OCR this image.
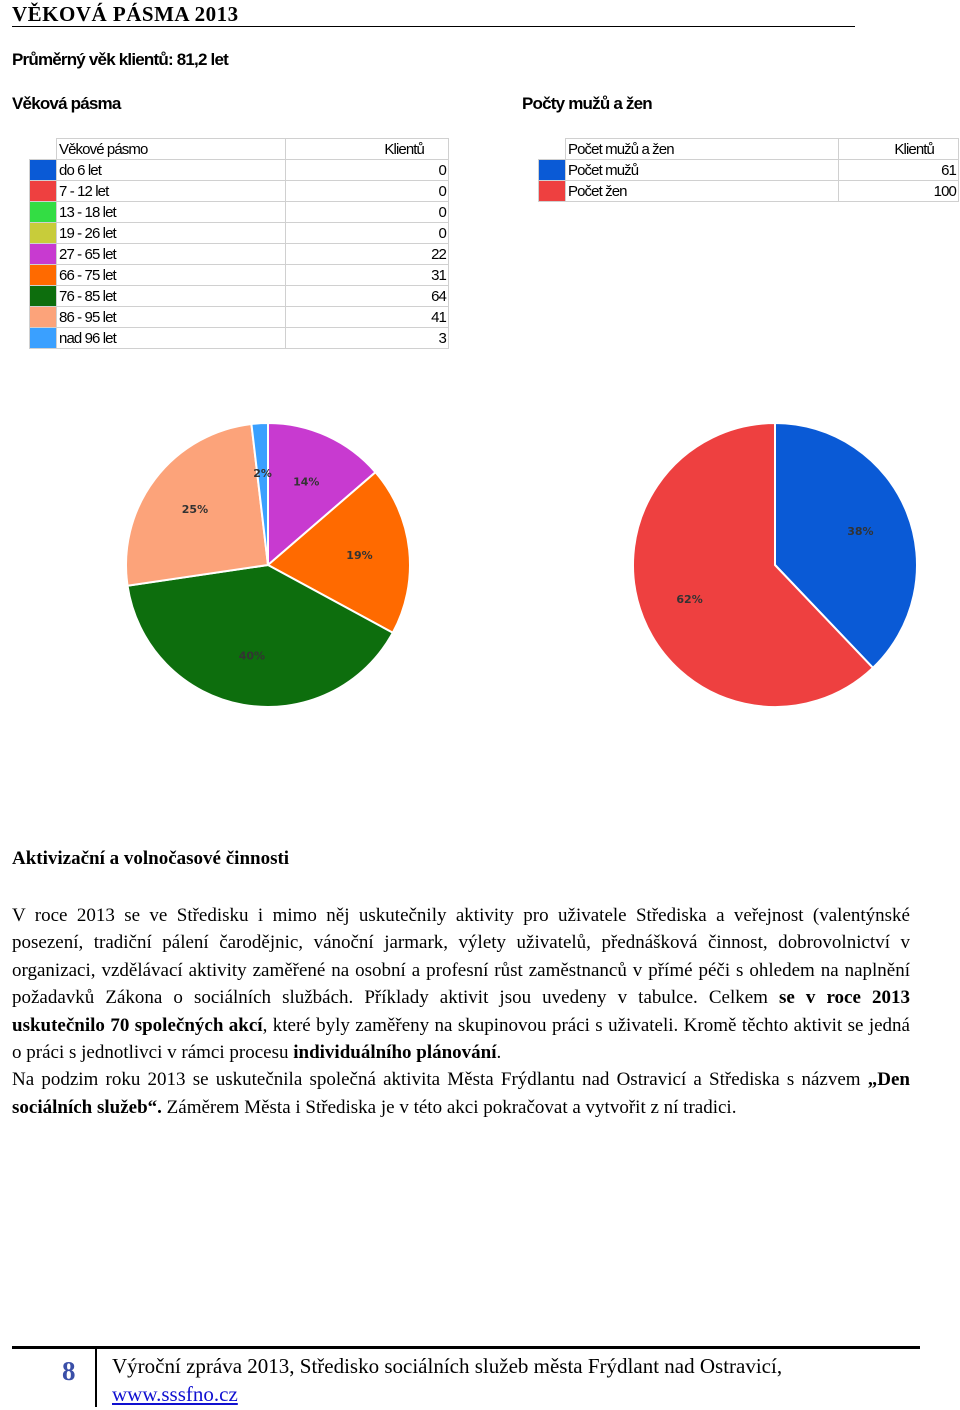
VĚKOVÁ PÁSMA 2013
Průměrný věk klientů: 81,2 let
Věková pásma	Počty mužů a žen
	Věkové pásmo	Klientů
	do 6 let	0
	7 - 12 let	0
	13 - 18 let	0
	19 - 26 let	0
	27 - 65 let	22
	66 - 75 let	31
	76 - 85 let	64
	86 - 95 let	41
	nad 96 let	3
	Počet mužů a žen	Klientů
	Počet mužů	61
	Počet žen	100
14%
19%
40%
25%
2%
38%
62%
Aktivizační a volnočasové činnosti
V roce 2013 se ve Středisku i mimo něj uskutečnily aktivity pro uživatele Střediska a veřejnost (valentýnské posezení, tradiční pálení čarodějnic, vánoční jarmark, výlety uživatelů, přednášková činnost, dobrovolnictví v organizaci, vzdělávací aktivity zaměřené na osobní a profesní růst zaměstnanců v přímé péči s ohledem na naplnění požadavků Zákona o sociálních službách. Příklady aktivit jsou uvedeny v tabulce. Celkem se v roce 2013 uskutečnilo 70 společných akcí, které byly zaměřeny na skupinovou práci s uživateli. Kromě těchto aktivit se jedná o práci s jednotlivci v rámci procesu individuálního plánování.
Na podzim roku 2013 se uskutečnila společná aktivita Města Frýdlantu nad Ostravicí a Střediska s názvem „Den sociálních služeb“. Záměrem Města i Střediska je v této akci pokračovat a vytvořit z ní tradici.
8 Výroční zpráva 2013, Středisko sociálních služeb města Frýdlant nad Ostravicí,
www.sssfno.cz
